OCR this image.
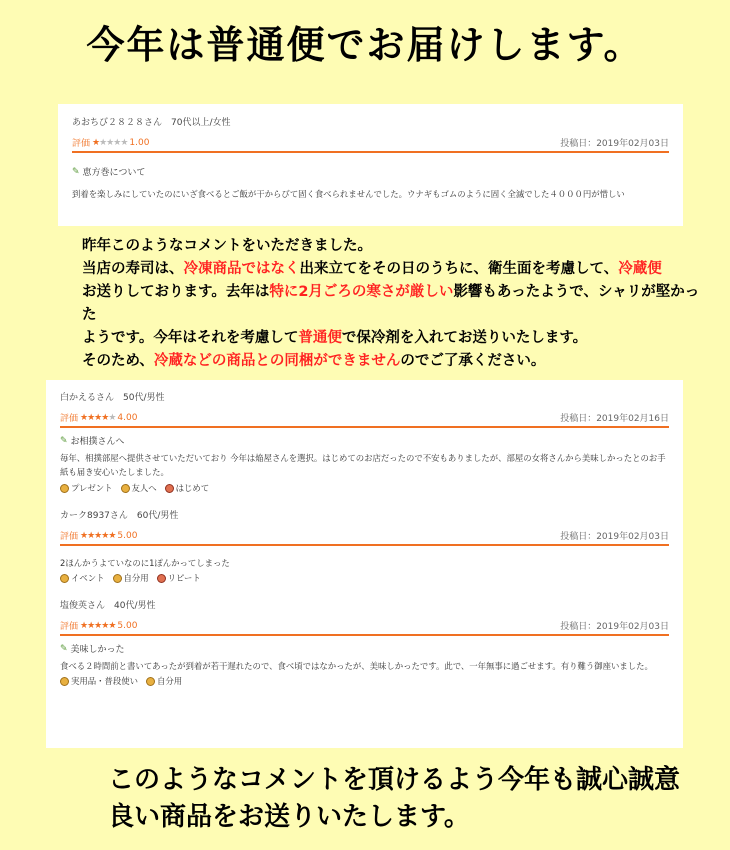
今年は普通便でお届けします。
あおちび２８２８さん　70代以上/女性
評価 ★★★★★ 1.00	投稿日：2019年02月03日
✎ 恵方巻について
到着を楽しみにしていたのにいざ食べるとご飯が干からびて固く食べられませんでした。ウナギもゴムのように固く全滅でした４０００円が惜しい
昨年このようなコメントをいただきました。
当店の寿司は、冷凍商品ではなく出来立てをその日のうちに、衛生面を考慮して、冷蔵便
お送りしております。去年は特に2月ごろの寒さが厳しい影響もあったようで、シャリが堅かった
ようです。今年はそれを考慮して普通便で保冷剤を入れてお送りいたします。
そのため、冷蔵などの商品との同梱ができませんのでご了承ください。
白かえるさん　50代/男性
評価 ★★★★★ 4.00	投稿日：2019年02月16日
✎ お相撲さんへ
毎年、相撲部屋へ提供させていただいており 今年は焔屋さんを選択。はじめてのお店だったので不安もありましたが、部屋の女将さんから美味しかったとのお手紙も届き安心いたしました。
プレゼント 友人へ はじめて
カーク8937さん　60代/男性
評価 ★★★★★ 5.00	投稿日：2019年02月03日
2ほんかうよていなのに1ぽんかってしまった
イベント 自分用 リピート
塩俊英さん　40代/男性
評価 ★★★★★ 5.00	投稿日：2019年02月03日
✎ 美味しかった
食べる２時間前と書いてあったが到着が若干遅れたので、食べ頃ではなかったが、美味しかったです。此で、一年無事に過ごせます。有り難う御座いました。
実用品・普段使い 自分用
このようなコメントを頂けるよう今年も誠心誠意
良い商品をお送りいたします。
